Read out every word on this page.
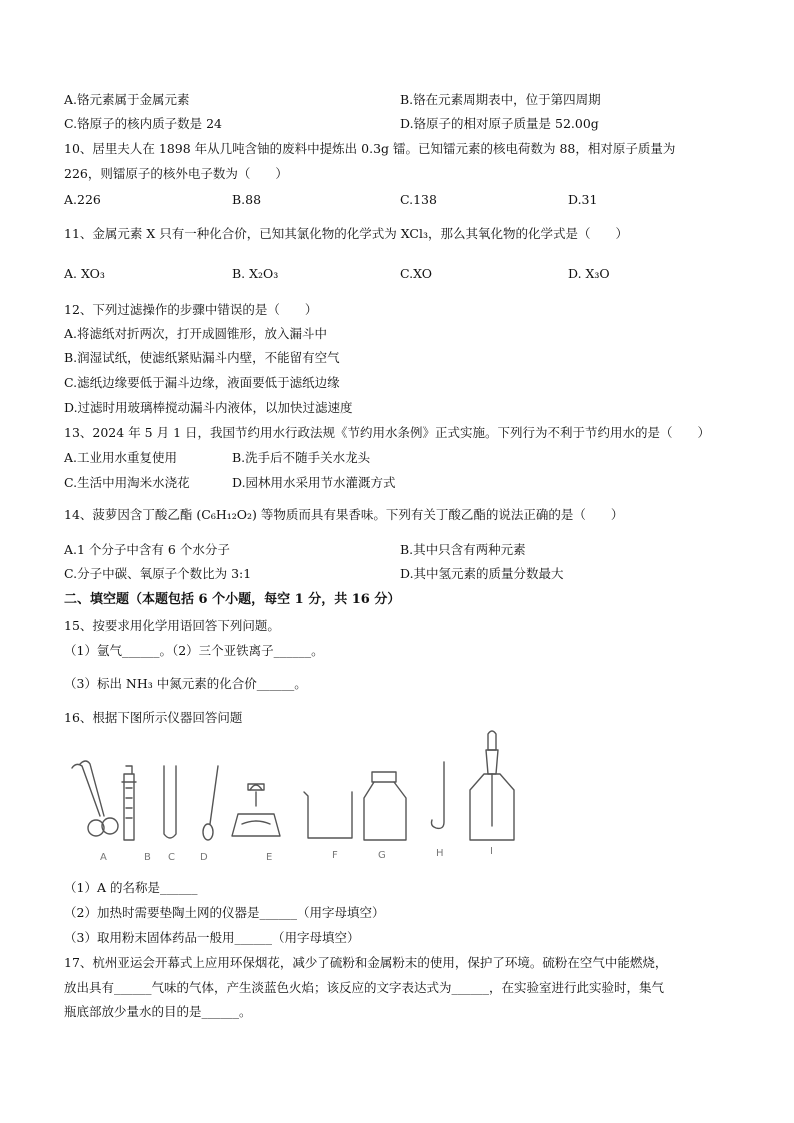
A.铬元素属于金属元素	B.铬在元素周期表中，位于第四周期
C.铬原子的核内质子数是 24	D.铬原子的相对原子质量是 52.00g
10、居里夫人在 1898 年从几吨含铀的废料中提炼出 0.3g 镭。已知镭元素的核电荷数为 88，相对原子质量为
226，则镭原子的核外电子数为（　　）
A.226	B.88	C.138	D.31
11、金属元素 X 只有一种化合价，已知其氯化物的化学式为 XCl₃，那么其氧化物的化学式是（　　）
A. XO₃	B. X₂O₃	C.XO	D. X₃O
12、下列过滤操作的步骤中错误的是（　　）
A.将滤纸对折两次，打开成圆锥形，放入漏斗中
B.润湿试纸，使滤纸紧贴漏斗内壁，不能留有空气
C.滤纸边缘要低于漏斗边缘，液面要低于滤纸边缘
D.过滤时用玻璃棒搅动漏斗内液体，以加快过滤速度
13、2024 年 5 月 1 日，我国节约用水行政法规《节约用水条例》正式实施。下列行为不利于节约用水的是（　　）
A.工业用水重复使用	B.洗手后不随手关水龙头
C.生活中用淘米水浇花	D.园林用水采用节水灌溉方式
14、菠萝因含丁酸乙酯 (C₆H₁₂O₂) 等物质而具有果香味。下列有关丁酸乙酯的说法正确的是（　　）
A.1 个分子中含有 6 个水分子	B.其中只含有两种元素
C.分子中碳、氧原子个数比为 3:1	D.其中氢元素的质量分数最大
二、填空题（本题包括 6 个小题，每空 1 分，共 16 分）
15、按要求用化学用语回答下列问题。
（1）氩气______。（2）三个亚铁离子______。
（3）标出 NH₃ 中氮元素的化合价______。
16、根据下图所示仪器回答问题
A	B C	D	E	F	G	H	I
（1）A 的名称是______
（2）加热时需要垫陶土网的仪器是______（用字母填空）
（3）取用粉末固体药品一般用______（用字母填空）
17、杭州亚运会开幕式上应用环保烟花，减少了硫粉和金属粉末的使用，保护了环境。硫粉在空气中能燃烧，
放出具有______气味的气体，产生淡蓝色火焰；该反应的文字表达式为______，在实验室进行此实验时，集气
瓶底部放少量水的目的是______。
